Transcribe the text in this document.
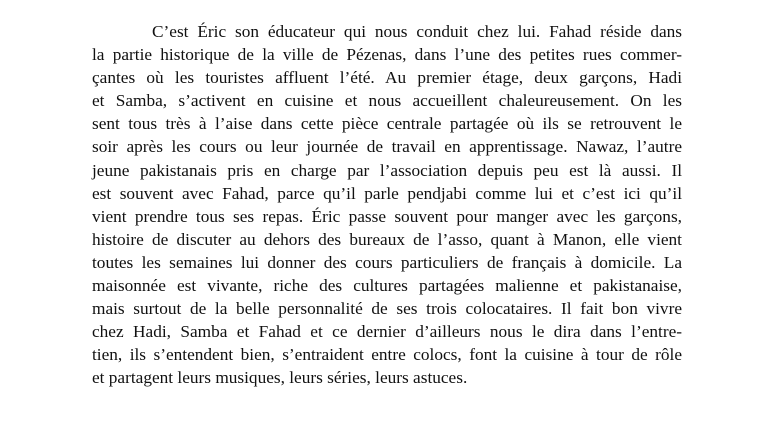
C’est Éric son éducateur qui nous conduit chez lui. Fahad réside dans
la partie historique de la ville de Pézenas, dans l’une des petites rues commer-
çantes où les touristes affluent l’été. Au premier étage, deux garçons, Hadi
et Samba, s’activent en cuisine et nous accueillent chaleureusement. On les
sent tous très à l’aise dans cette pièce centrale partagée où ils se retrouvent le
soir après les cours ou leur journée de travail en apprentissage. Nawaz, l’autre
jeune pakistanais pris en charge par l’association depuis peu est là aussi. Il
est souvent avec Fahad, parce qu’il parle pendjabi comme lui et c’est ici qu’il
vient prendre tous ses repas. Éric passe souvent pour manger avec les garçons,
histoire de discuter au dehors des bureaux de l’asso, quant à Manon, elle vient
toutes les semaines lui donner des cours particuliers de français à domicile. La
maisonnée est vivante, riche des cultures partagées malienne et pakistanaise,
mais surtout de la belle personnalité de ses trois colocataires. Il fait bon vivre
chez Hadi, Samba et Fahad et ce dernier d’ailleurs nous le dira dans l’entre-
tien, ils s’entendent bien, s’entraident entre colocs, font la cuisine à tour de rôle
et partagent leurs musiques, leurs séries, leurs astuces.
